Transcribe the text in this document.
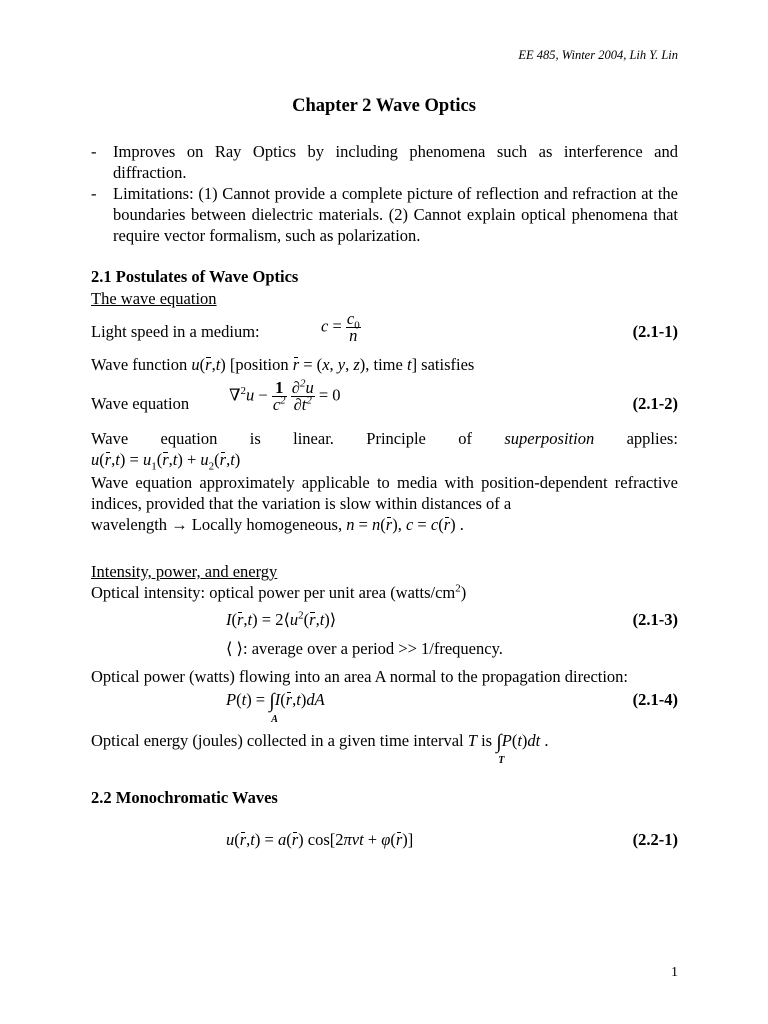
EE 485, Winter 2004, Lih Y. Lin
Chapter 2 Wave Optics
- Improves on Ray Optics by including phenomena such as interference and diffraction.
- Limitations: (1) Cannot provide a complete picture of reflection and refraction at the boundaries between dielectric materials. (2) Cannot explain optical phenomena that require vector formalism, such as polarization.
2.1 Postulates of Wave Optics
The wave equation
Light speed in a medium:	$c = \frac{c_0}{n}$	(2.1-1)
Wave function u(r,t) [position r = (x, y, z), time t] satisfies
Wave equation $\nabla^2u - \frac{1}{c^2}$
$\frac{\partial^2u}{\partial t^2} = 0$	(2.1-2)
Wave equation is linear. Principle of superposition applies:
$u(r,t) = u_1(r,t) + u_2(r,t)$
Wave equation approximately applicable to media with position-dependent refractive indices, provided that the variation is slow within distances of a
wavelength → Locally homogeneous, n = n(r), c = c(r) .
Intensity, power, and energy
Optical intensity: optical power per unit area $(watts/cm^2)$
$I(r,t) = 2⟨u^2(r,t)⟩$	(2.1-3)
⟨ ⟩: average over a period >> 1/frequency.
Optical power (watts) flowing into an area A normal to the propagation direction:
P(t) = ∫
A
I(r,t)dA	(2.1-4)
Optical energy (joules) collected in a given time interval T is ∫
T
P(t)dt .
2.2 Monochromatic Waves
u(r,t) = a(r) cos[2πνt + φ(r)]	(2.2-1)
1
